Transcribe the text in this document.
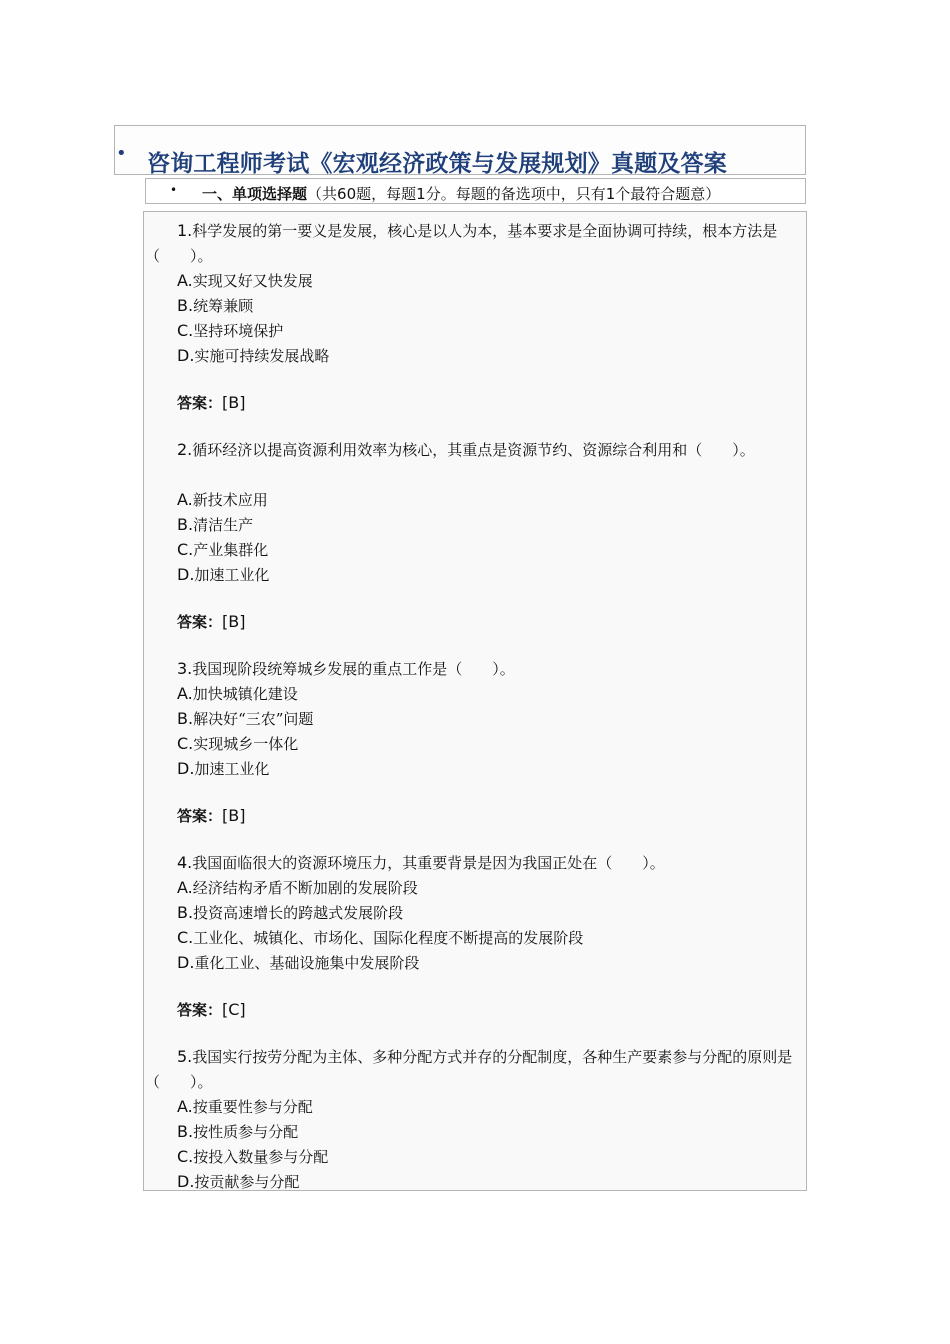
• 咨询工程师考试《宏观经济政策与发展规划》真题及答案
• 一、单项选择题（共60题，每题1分。每题的备选项中，只有1个最符合题意）

1.科学发展的第一要义是发展，核心是以人为本，基本要求是全面协调可持续，根本方法是（　　）。

A.实现又好又快发展
B.统筹兼顾
C.坚持环境保护
D.实施可持续发展战略
答案：[B]

2.循环经济以提高资源利用效率为核心，其重点是资源节约、资源综合利用和（　　）。

A.新技术应用
B.清洁生产
C.产业集群化
D.加速工业化
答案：[B]

3.我国现阶段统筹城乡发展的重点工作是（　　）。

A.加快城镇化建设
B.解决好“三农”问题
C.实现城乡一体化
D.加速工业化
答案：[B]

4.我国面临很大的资源环境压力，其重要背景是因为我国正处在（　　）。

A.经济结构矛盾不断加剧的发展阶段
B.投资高速增长的跨越式发展阶段
C.工业化、城镇化、市场化、国际化程度不断提高的发展阶段
D.重化工业、基础设施集中发展阶段
答案：[C]

5.我国实行按劳分配为主体、多种分配方式并存的分配制度，各种生产要素参与分配的原则是（　　）。

A.按重要性参与分配
B.按性质参与分配
C.按投入数量参与分配
D.按贡献参与分配
